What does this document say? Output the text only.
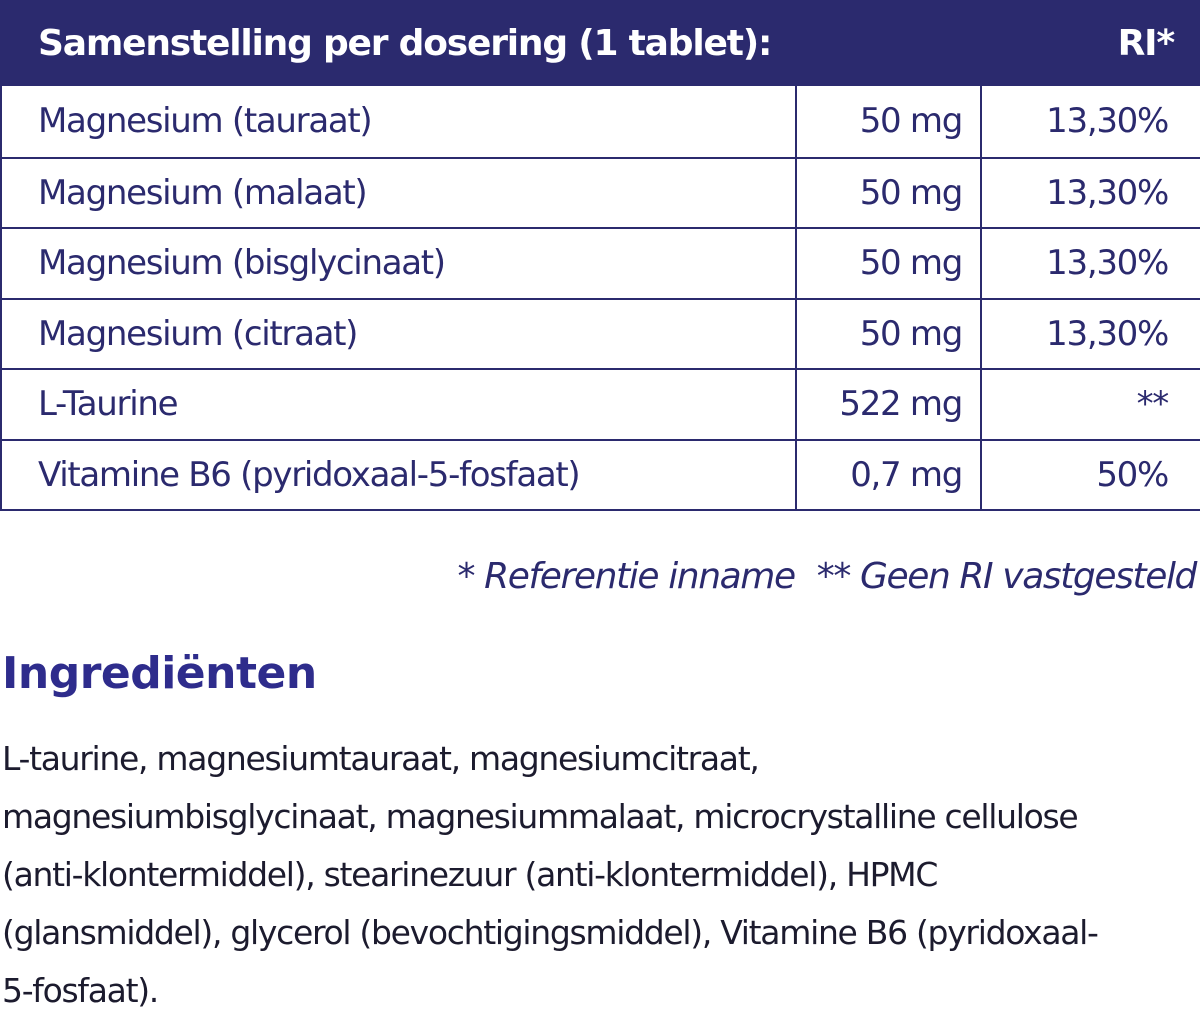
Samenstelling per dosering (1 tablet):	RI*
Magnesium (tauraat)	50 mg	13,30%
Magnesium (malaat)	50 mg	13,30%
Magnesium (bisglycinaat)	50 mg	13,30%
Magnesium (citraat)	50 mg	13,30%
L-Taurine	522 mg	**
Vitamine B6 (pyridoxaal-5-fosfaat)	0,7 mg	50%
* Referentie inname ** Geen RI vastgesteld
Ingrediënten

L-taurine, magnesiumtauraat, magnesiumcitraat,
magnesiumbisglycinaat, magnesiummalaat, microcrystalline cellulose
(anti-klontermiddel), stearinezuur (anti-klontermiddel), HPMC
(glansmiddel), glycerol (bevochtigingsmiddel), Vitamine B6 (pyridoxaal-
5-fosfaat).
